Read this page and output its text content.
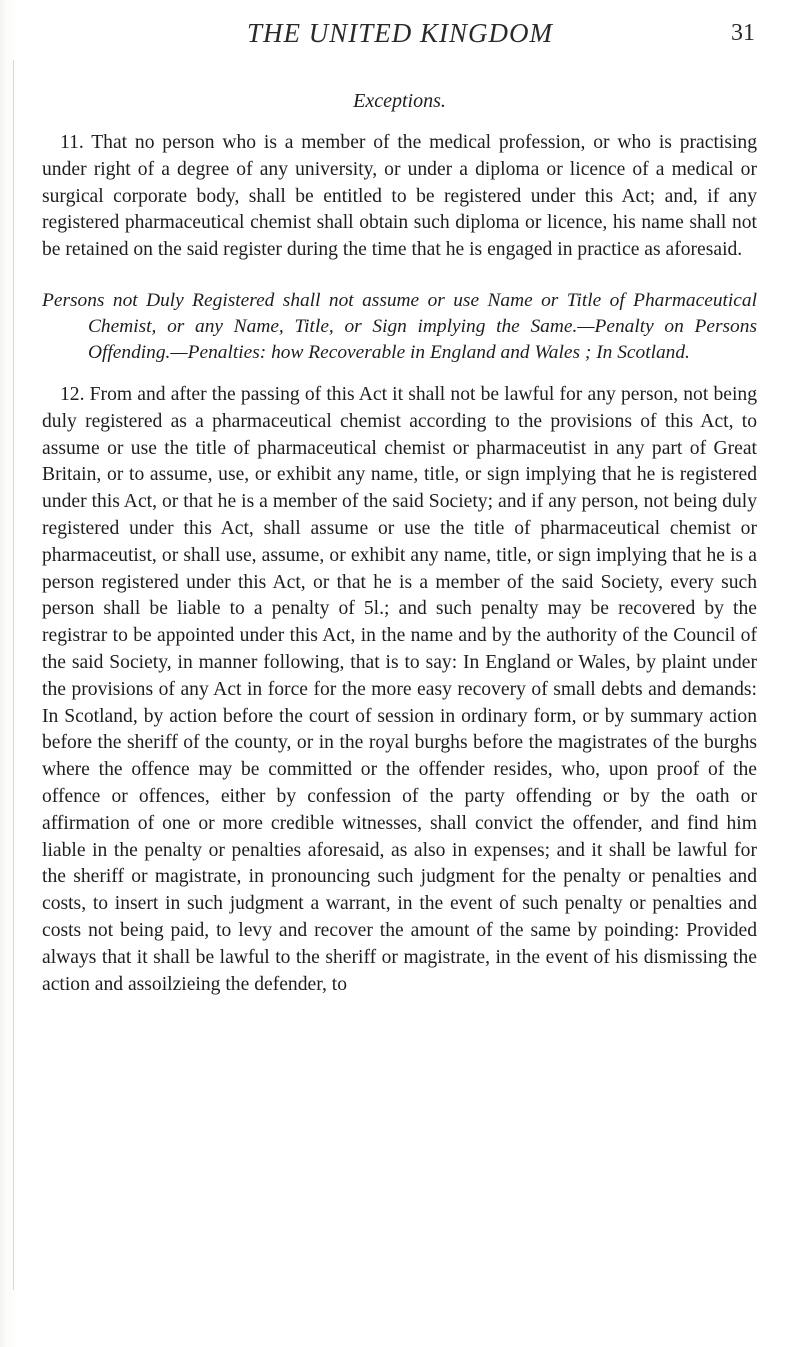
THE UNITED KINGDOM	31
Exceptions.

11. That no person who is a member of the medical profession, or who is practising under right of a degree of any university, or under a diploma or licence of a medical or surgical corporate body, shall be entitled to be registered under this Act; and, if any registered pharmaceutical chemist shall obtain such diploma or licence, his name shall not be retained on the said register during the time that he is engaged in practice as aforesaid.

Persons not Duly Registered shall not assume or use Name or Title of Pharmaceutical Chemist, or any Name, Title, or Sign implying the Same.—Penalty on Persons Offending.—Penalties: how Recoverable in England and Wales ; In Scotland.

12. From and after the passing of this Act it shall not be lawful for any person, not being duly registered as a pharmaceutical chemist according to the provisions of this Act, to assume or use the title of pharmaceutical chemist or pharmaceutist in any part of Great Britain, or to assume, use, or exhibit any name, title, or sign implying that he is registered under this Act, or that he is a member of the said Society; and if any person, not being duly registered under this Act, shall assume or use the title of pharmaceutical chemist or pharmaceutist, or shall use, assume, or exhibit any name, title, or sign implying that he is a person registered under this Act, or that he is a member of the said Society, every such person shall be liable to a penalty of 5l.; and such penalty may be recovered by the registrar to be appointed under this Act, in the name and by the authority of the Council of the said Society, in manner following, that is to say: In England or Wales, by plaint under the provisions of any Act in force for the more easy recovery of small debts and demands: In Scotland, by action before the court of session in ordinary form, or by summary action before the sheriff of the county, or in the royal burghs before the magistrates of the burghs where the offence may be committed or the offender resides, who, upon proof of the offence or offences, either by confession of the party offending or by the oath or affirmation of one or more credible witnesses, shall convict the offender, and find him liable in the penalty or penalties aforesaid, as also in expenses; and it shall be lawful for the sheriff or magistrate, in pronouncing such judgment for the penalty or penalties and costs, to insert in such judgment a warrant, in the event of such penalty or penalties and costs not being paid, to levy and recover the amount of the same by poinding: Provided always that it shall be lawful to the sheriff or magistrate, in the event of his dismissing the action and assoilzieing the defender, to
